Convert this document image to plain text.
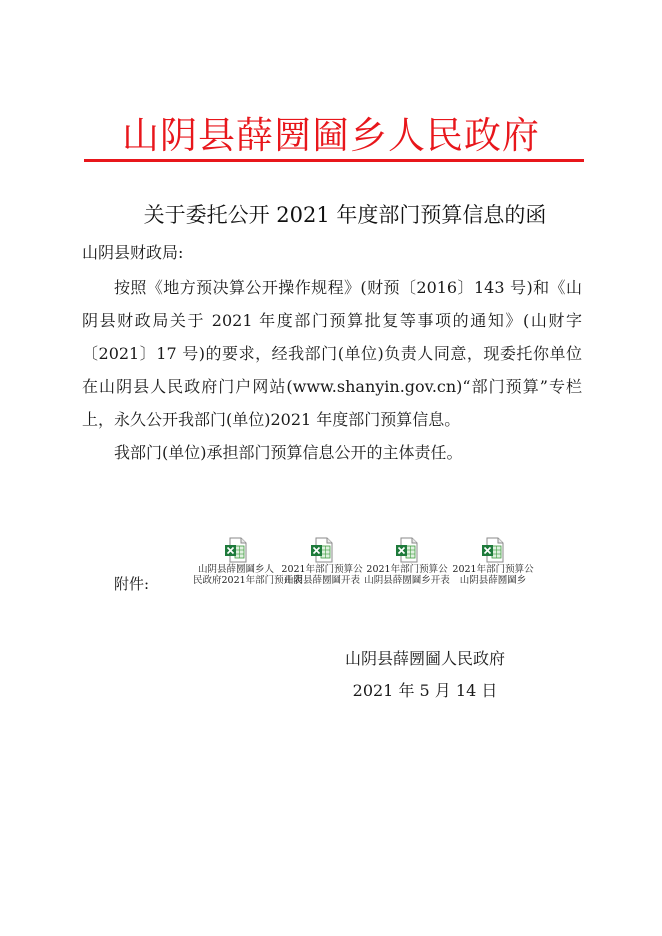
山阴县薛圐圙乡人民政府
关于委托公开 2021 年度部门预算信息的函
山阴县财政局:

按照《地方预决算公开操作规程》(财预〔2016〕143 号)和《山阴县财政局关于 2021 年度部门预算批复等事项的通知》(山财字〔2021〕17 号)的要求，经我部门(单位)负责人同意，现委托你单位在山阴县人民政府门户网站(www.shanyin.gov.cn)“部门预算”专栏上，永久公开我部门(单位)2021 年度部门预算信息。

我部门(单位)承担部门预算信息公开的主体责任。

附件:
山阴县薛圐圙乡人
民政府2021年部门预开表
2021年部门预算公
山阴县薛圐圙开表
2021年部门预算公
山阴县薛圐圙乡开表
2021年部门预算公
山阴县薛圐圙乡
山阴县薛圐圙人民政府
2021 年 5 月 14 日
